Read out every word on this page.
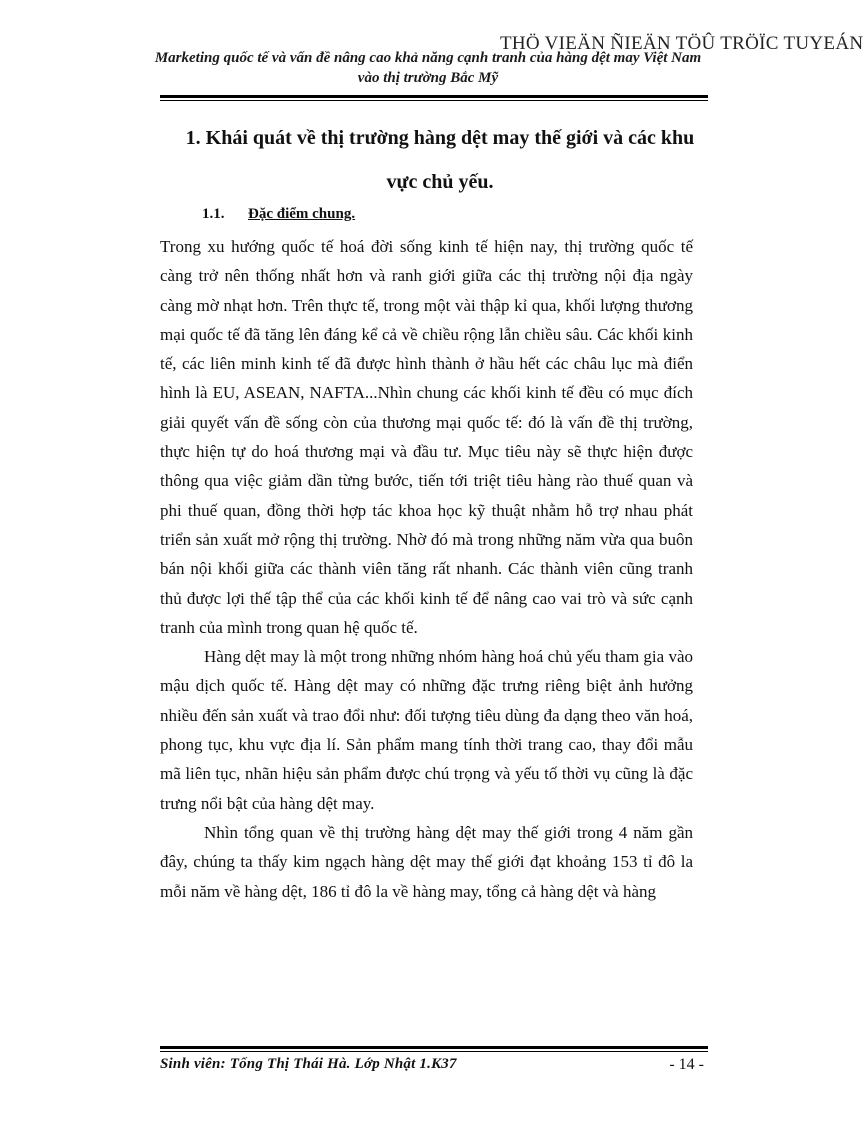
THÖ VIEÄN ÑIEÄN TÖÛ TRÖÏC TUYEÁN
Marketing quốc tế và vấn đề nâng cao khả năng cạnh tranh của hàng dệt may Việt Nam vào thị trường Bắc Mỹ
1. Khái quát về thị trường hàng dệt may thế giới và các khu vực chủ yếu.
1.1. Đặc điểm chung.

Trong xu hướng quốc tế hoá đời sống kinh tế hiện nay, thị trường quốc tế càng trở nên thống nhất hơn và ranh giới giữa các thị trường nội địa ngày càng mờ nhạt hơn. Trên thực tế, trong một vài thập kỉ qua, khối lượng thương mại quốc tế đã tăng lên đáng kể cả về chiều rộng lẫn chiều sâu. Các khối kinh tế, các liên minh kinh tế đã được hình thành ở hầu hết các châu lục mà điển hình là EU, ASEAN, NAFTA...Nhìn chung các khối kinh tế đều có mục đích giải quyết vấn đề sống còn của thương mại quốc tế: đó là vấn đề thị trường, thực hiện tự do hoá thương mại và đầu tư. Mục tiêu này sẽ thực hiện được thông qua việc giảm dần từng bước, tiến tới triệt tiêu hàng rào thuế quan và phi thuế quan, đồng thời hợp tác khoa học kỹ thuật nhằm hỗ trợ nhau phát triển sản xuất mở rộng thị trường. Nhờ đó mà trong những năm vừa qua buôn bán nội khối giữa các thành viên tăng rất nhanh. Các thành viên cũng tranh thủ được lợi thế tập thể của các khối kinh tế để nâng cao vai trò và sức cạnh tranh của mình trong quan hệ quốc tế.

Hàng dệt may là một trong những nhóm hàng hoá chủ yếu tham gia vào mậu dịch quốc tế. Hàng dệt may có những đặc trưng riêng biệt ảnh hưởng nhiều đến sản xuất và trao đổi như: đối tượng tiêu dùng đa dạng theo văn hoá, phong tục, khu vực địa lí. Sản phẩm mang tính thời trang cao, thay đổi mẫu mã liên tục, nhãn hiệu sản phẩm được chú trọng và yếu tố thời vụ cũng là đặc trưng nổi bật của hàng dệt may.

Nhìn tổng quan về thị trường hàng dệt may thế giới trong 4 năm gần đây, chúng ta thấy kim ngạch hàng dệt may thế giới đạt khoảng 153 tỉ đô la mỗi năm về hàng dệt, 186 tỉ đô la về hàng may, tổng cả hàng dệt và hàng

Sinh viên: Tống Thị Thái Hà. Lớp Nhật 1.K37	- 14 -
